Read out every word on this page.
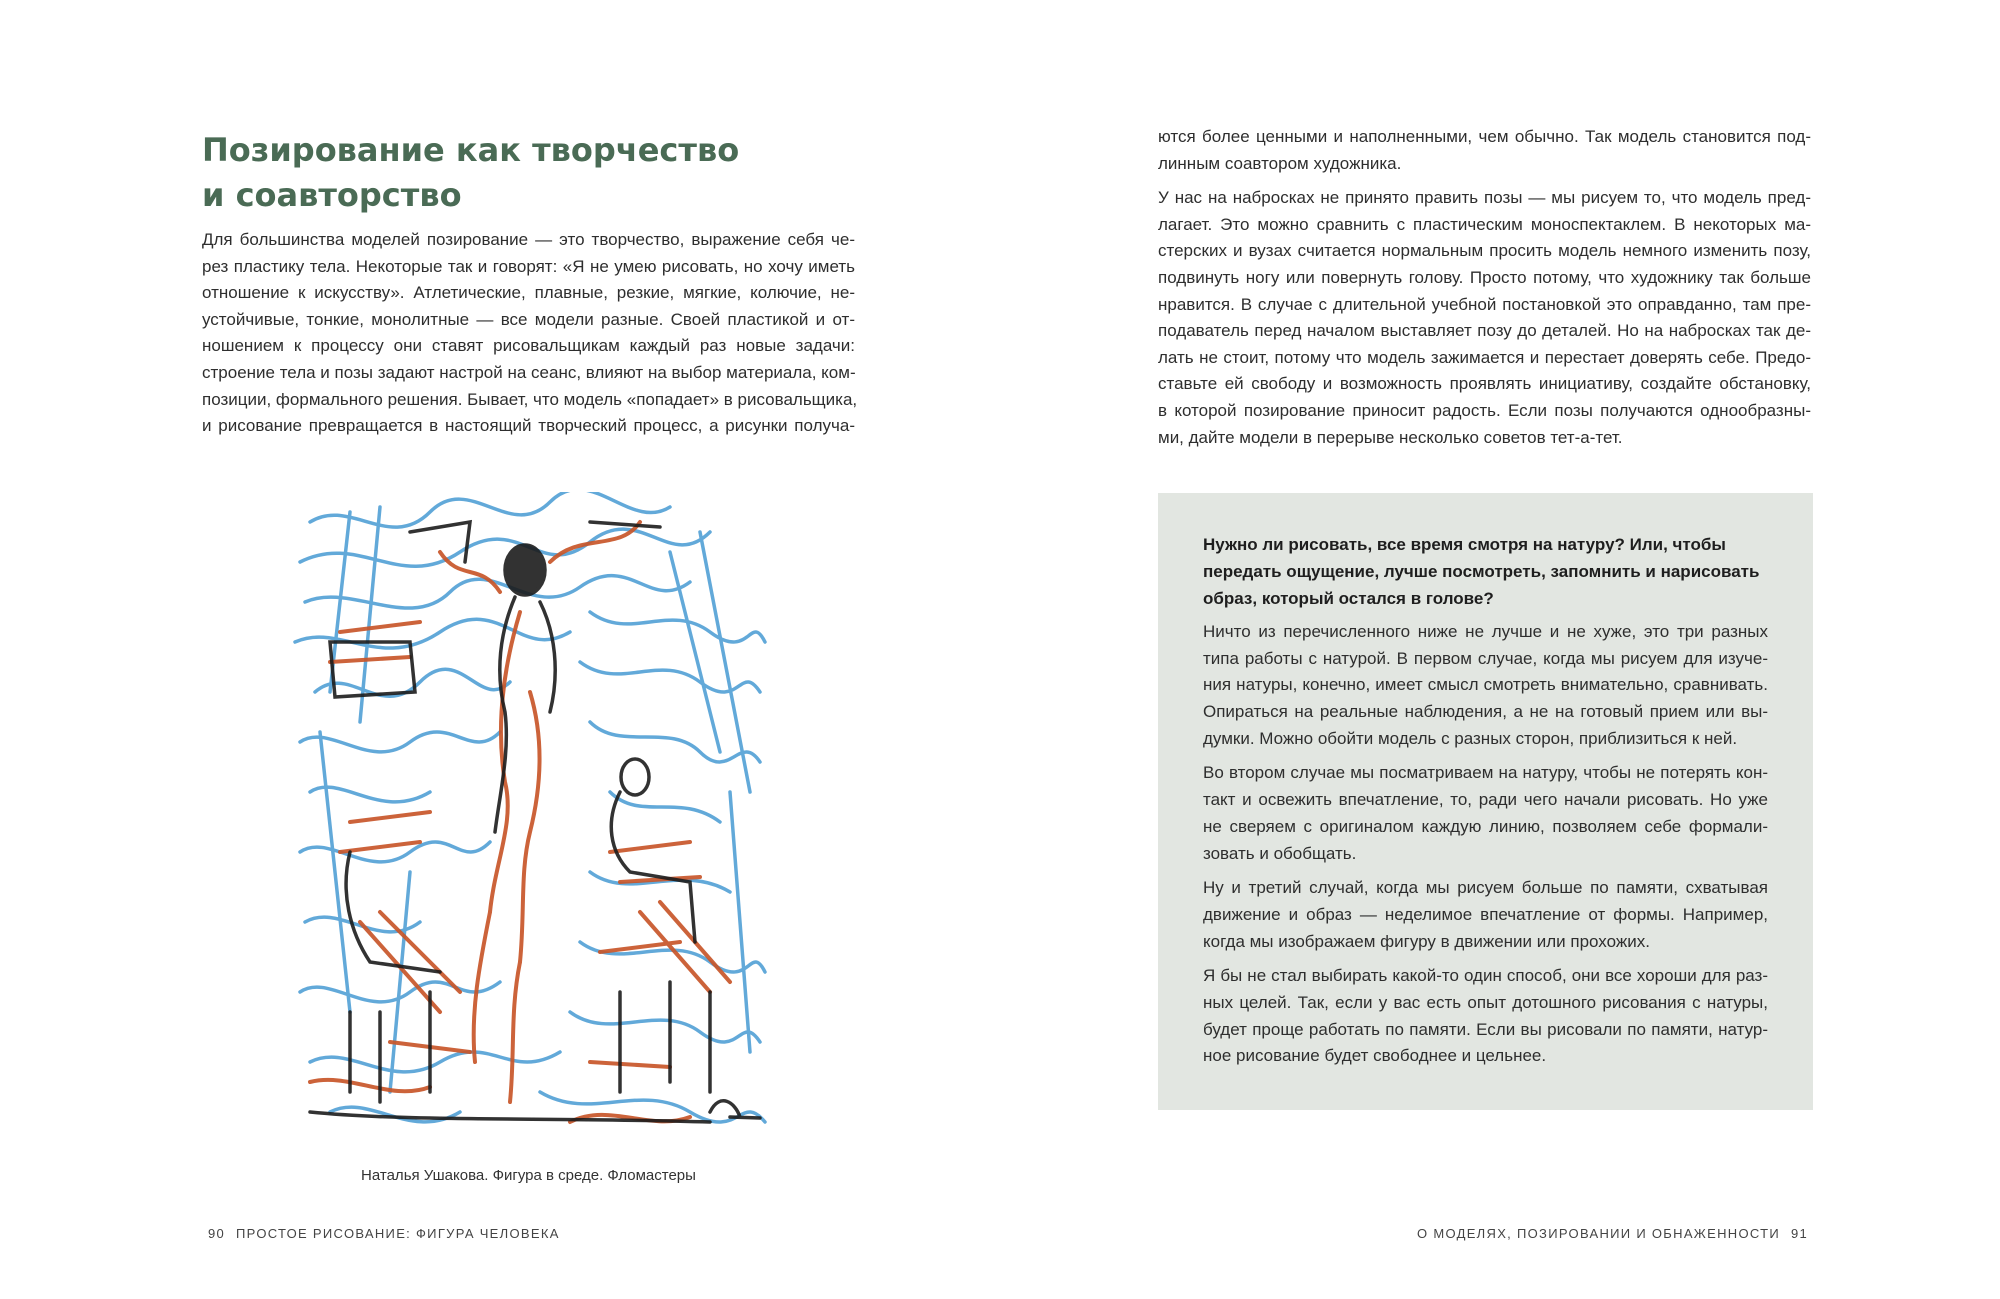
Позирование как творчество
и соавторство
Для большинства моделей позирование — это творчество, выражение себя че-
рез пластику тела. Некоторые так и говорят: «Я не умею рисовать, но хочу иметь
отношение к искусству». Атлетические, плавные, резкие, мягкие, колючие, не-
устойчивые, тонкие, монолитные — все модели разные. Своей пластикой и от-
ношением к процессу они ставят рисовальщикам каждый раз новые задачи:
строение тела и позы задают настрой на сеанс, влияют на выбор материала, ком-
позиции, формального решения. Бывает, что модель «попадает» в рисовальщика,
и рисование превращается в настоящий творческий процесс, а рисунки получа-
Наталья Ушакова. Фигура в среде. Фломастеры
90 ПРОСТОЕ РИСОВАНИЕ: ФИГУРА ЧЕЛОВЕКА
ются более ценными и наполненными, чем обычно. Так модель становится под-
линным соавтором художника.
У нас на набросках не принято править позы — мы рисуем то, что модель пред-
лагает. Это можно сравнить с пластическим моноспектаклем. В некоторых ма-
стерских и вузах считается нормальным просить модель немного изменить позу,
подвинуть ногу или повернуть голову. Просто потому, что художнику так больше
нравится. В случае с длительной учебной постановкой это оправданно, там пре-
подаватель перед началом выставляет позу до деталей. Но на набросках так де-
лать не стоит, потому что модель зажимается и перестает доверять себе. Предо-
ставьте ей свободу и возможность проявлять инициативу, создайте обстановку,
в которой позирование приносит радость. Если позы получаются однообразны-
ми, дайте модели в перерыве несколько советов тет-а-тет.
Нужно ли рисовать, все время смотря на натуру? Или, чтобы
передать ощущение, лучше посмотреть, запомнить и нарисовать
образ, который остался в голове?
Ничто из перечисленного ниже не лучше и не хуже, это три разных
типа работы с натурой. В первом случае, когда мы рисуем для изуче-
ния натуры, конечно, имеет смысл смотреть внимательно, сравнивать.
Опираться на реальные наблюдения, а не на готовый прием или вы-
думки. Можно обойти модель с разных сторон, приблизиться к ней.
Во втором случае мы посматриваем на натуру, чтобы не потерять кон-
такт и освежить впечатление, то, ради чего начали рисовать. Но уже
не сверяем с оригиналом каждую линию, позволяем себе формали-
зовать и обобщать.
Ну и третий случай, когда мы рисуем больше по памяти, схватывая
движение и образ — неделимое впечатление от формы. Например,
когда мы изображаем фигуру в движении или прохожих.
Я бы не стал выбирать какой-то один способ, они все хороши для раз-
ных целей. Так, если у вас есть опыт дотошного рисования с натуры,
будет проще работать по памяти. Если вы рисовали по памяти, натур-
ное рисование будет свободнее и цельнее.
О МОДЕЛЯХ, ПОЗИРОВАНИИ И ОБНАЖЕННОСТИ 91
